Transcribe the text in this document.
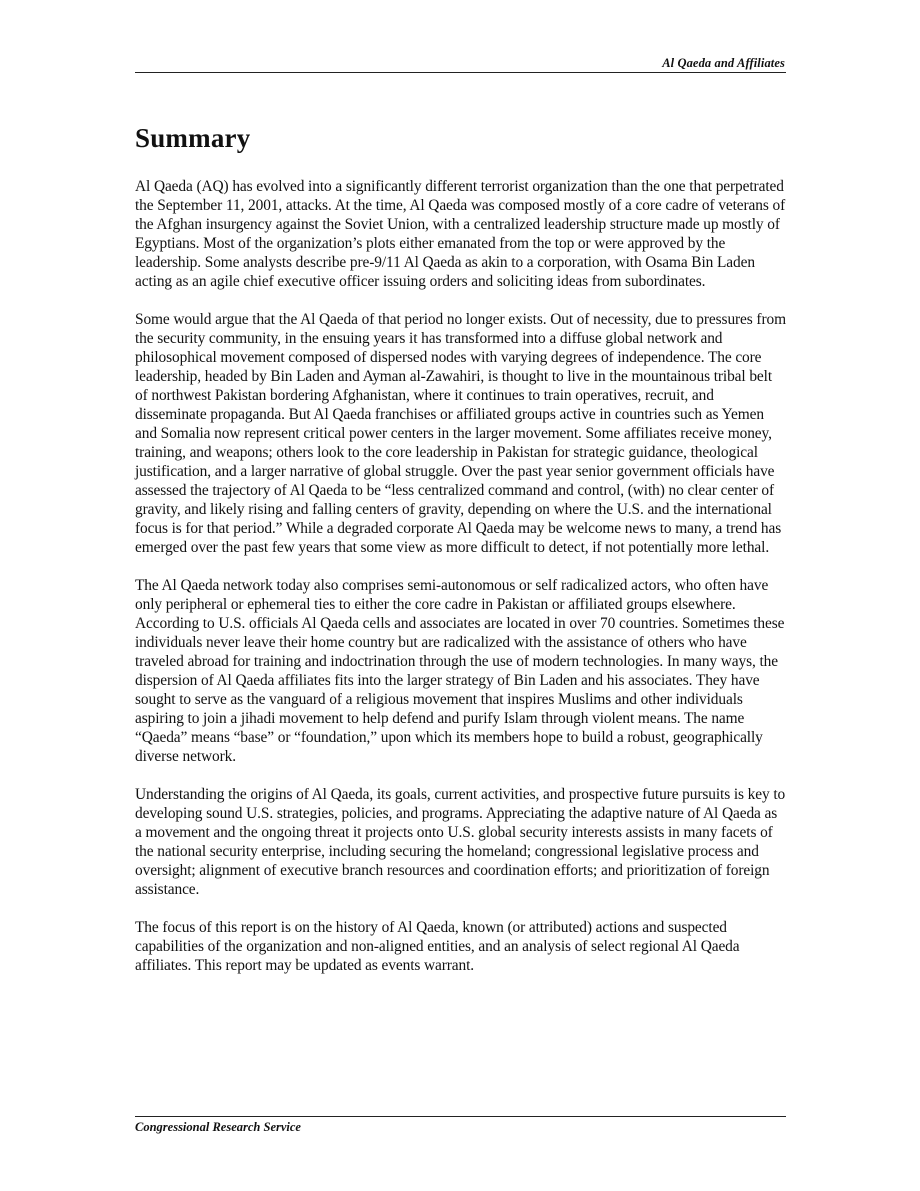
Al Qaeda and Affiliates
Summary

Al Qaeda (AQ) has evolved into a significantly different terrorist organization than the one that perpetrated the September 11, 2001, attacks. At the time, Al Qaeda was composed mostly of a core cadre of veterans of the Afghan insurgency against the Soviet Union, with a centralized leadership structure made up mostly of Egyptians. Most of the organization’s plots either emanated from the top or were approved by the leadership. Some analysts describe pre-9/11 Al Qaeda as akin to a corporation, with Osama Bin Laden acting as an agile chief executive officer issuing orders and soliciting ideas from subordinates.

Some would argue that the Al Qaeda of that period no longer exists. Out of necessity, due to pressures from the security community, in the ensuing years it has transformed into a diffuse global network and philosophical movement composed of dispersed nodes with varying degrees of independence. The core leadership, headed by Bin Laden and Ayman al-Zawahiri, is thought to live in the mountainous tribal belt of northwest Pakistan bordering Afghanistan, where it continues to train operatives, recruit, and disseminate propaganda. But Al Qaeda franchises or affiliated groups active in countries such as Yemen and Somalia now represent critical power centers in the larger movement. Some affiliates receive money, training, and weapons; others look to the core leadership in Pakistan for strategic guidance, theological justification, and a larger narrative of global struggle. Over the past year senior government officials have assessed the trajectory of Al Qaeda to be “less centralized command and control, (with) no clear center of gravity, and likely rising and falling centers of gravity, depending on where the U.S. and the international focus is for that period.” While a degraded corporate Al Qaeda may be welcome news to many, a trend has emerged over the past few years that some view as more difficult to detect, if not potentially more lethal.

The Al Qaeda network today also comprises semi-autonomous or self radicalized actors, who often have only peripheral or ephemeral ties to either the core cadre in Pakistan or affiliated groups elsewhere. According to U.S. officials Al Qaeda cells and associates are located in over 70 countries. Sometimes these individuals never leave their home country but are radicalized with the assistance of others who have traveled abroad for training and indoctrination through the use of modern technologies. In many ways, the dispersion of Al Qaeda affiliates fits into the larger strategy of Bin Laden and his associates. They have sought to serve as the vanguard of a religious movement that inspires Muslims and other individuals aspiring to join a jihadi movement to help defend and purify Islam through violent means. The name “Qaeda” means “base” or “foundation,” upon which its members hope to build a robust, geographically diverse network.

Understanding the origins of Al Qaeda, its goals, current activities, and prospective future pursuits is key to developing sound U.S. strategies, policies, and programs. Appreciating the adaptive nature of Al Qaeda as a movement and the ongoing threat it projects onto U.S. global security interests assists in many facets of the national security enterprise, including securing the homeland; congressional legislative process and oversight; alignment of executive branch resources and coordination efforts; and prioritization of foreign assistance.

The focus of this report is on the history of Al Qaeda, known (or attributed) actions and suspected capabilities of the organization and non-aligned entities, and an analysis of select regional Al Qaeda affiliates. This report may be updated as events warrant.

Congressional Research Service
